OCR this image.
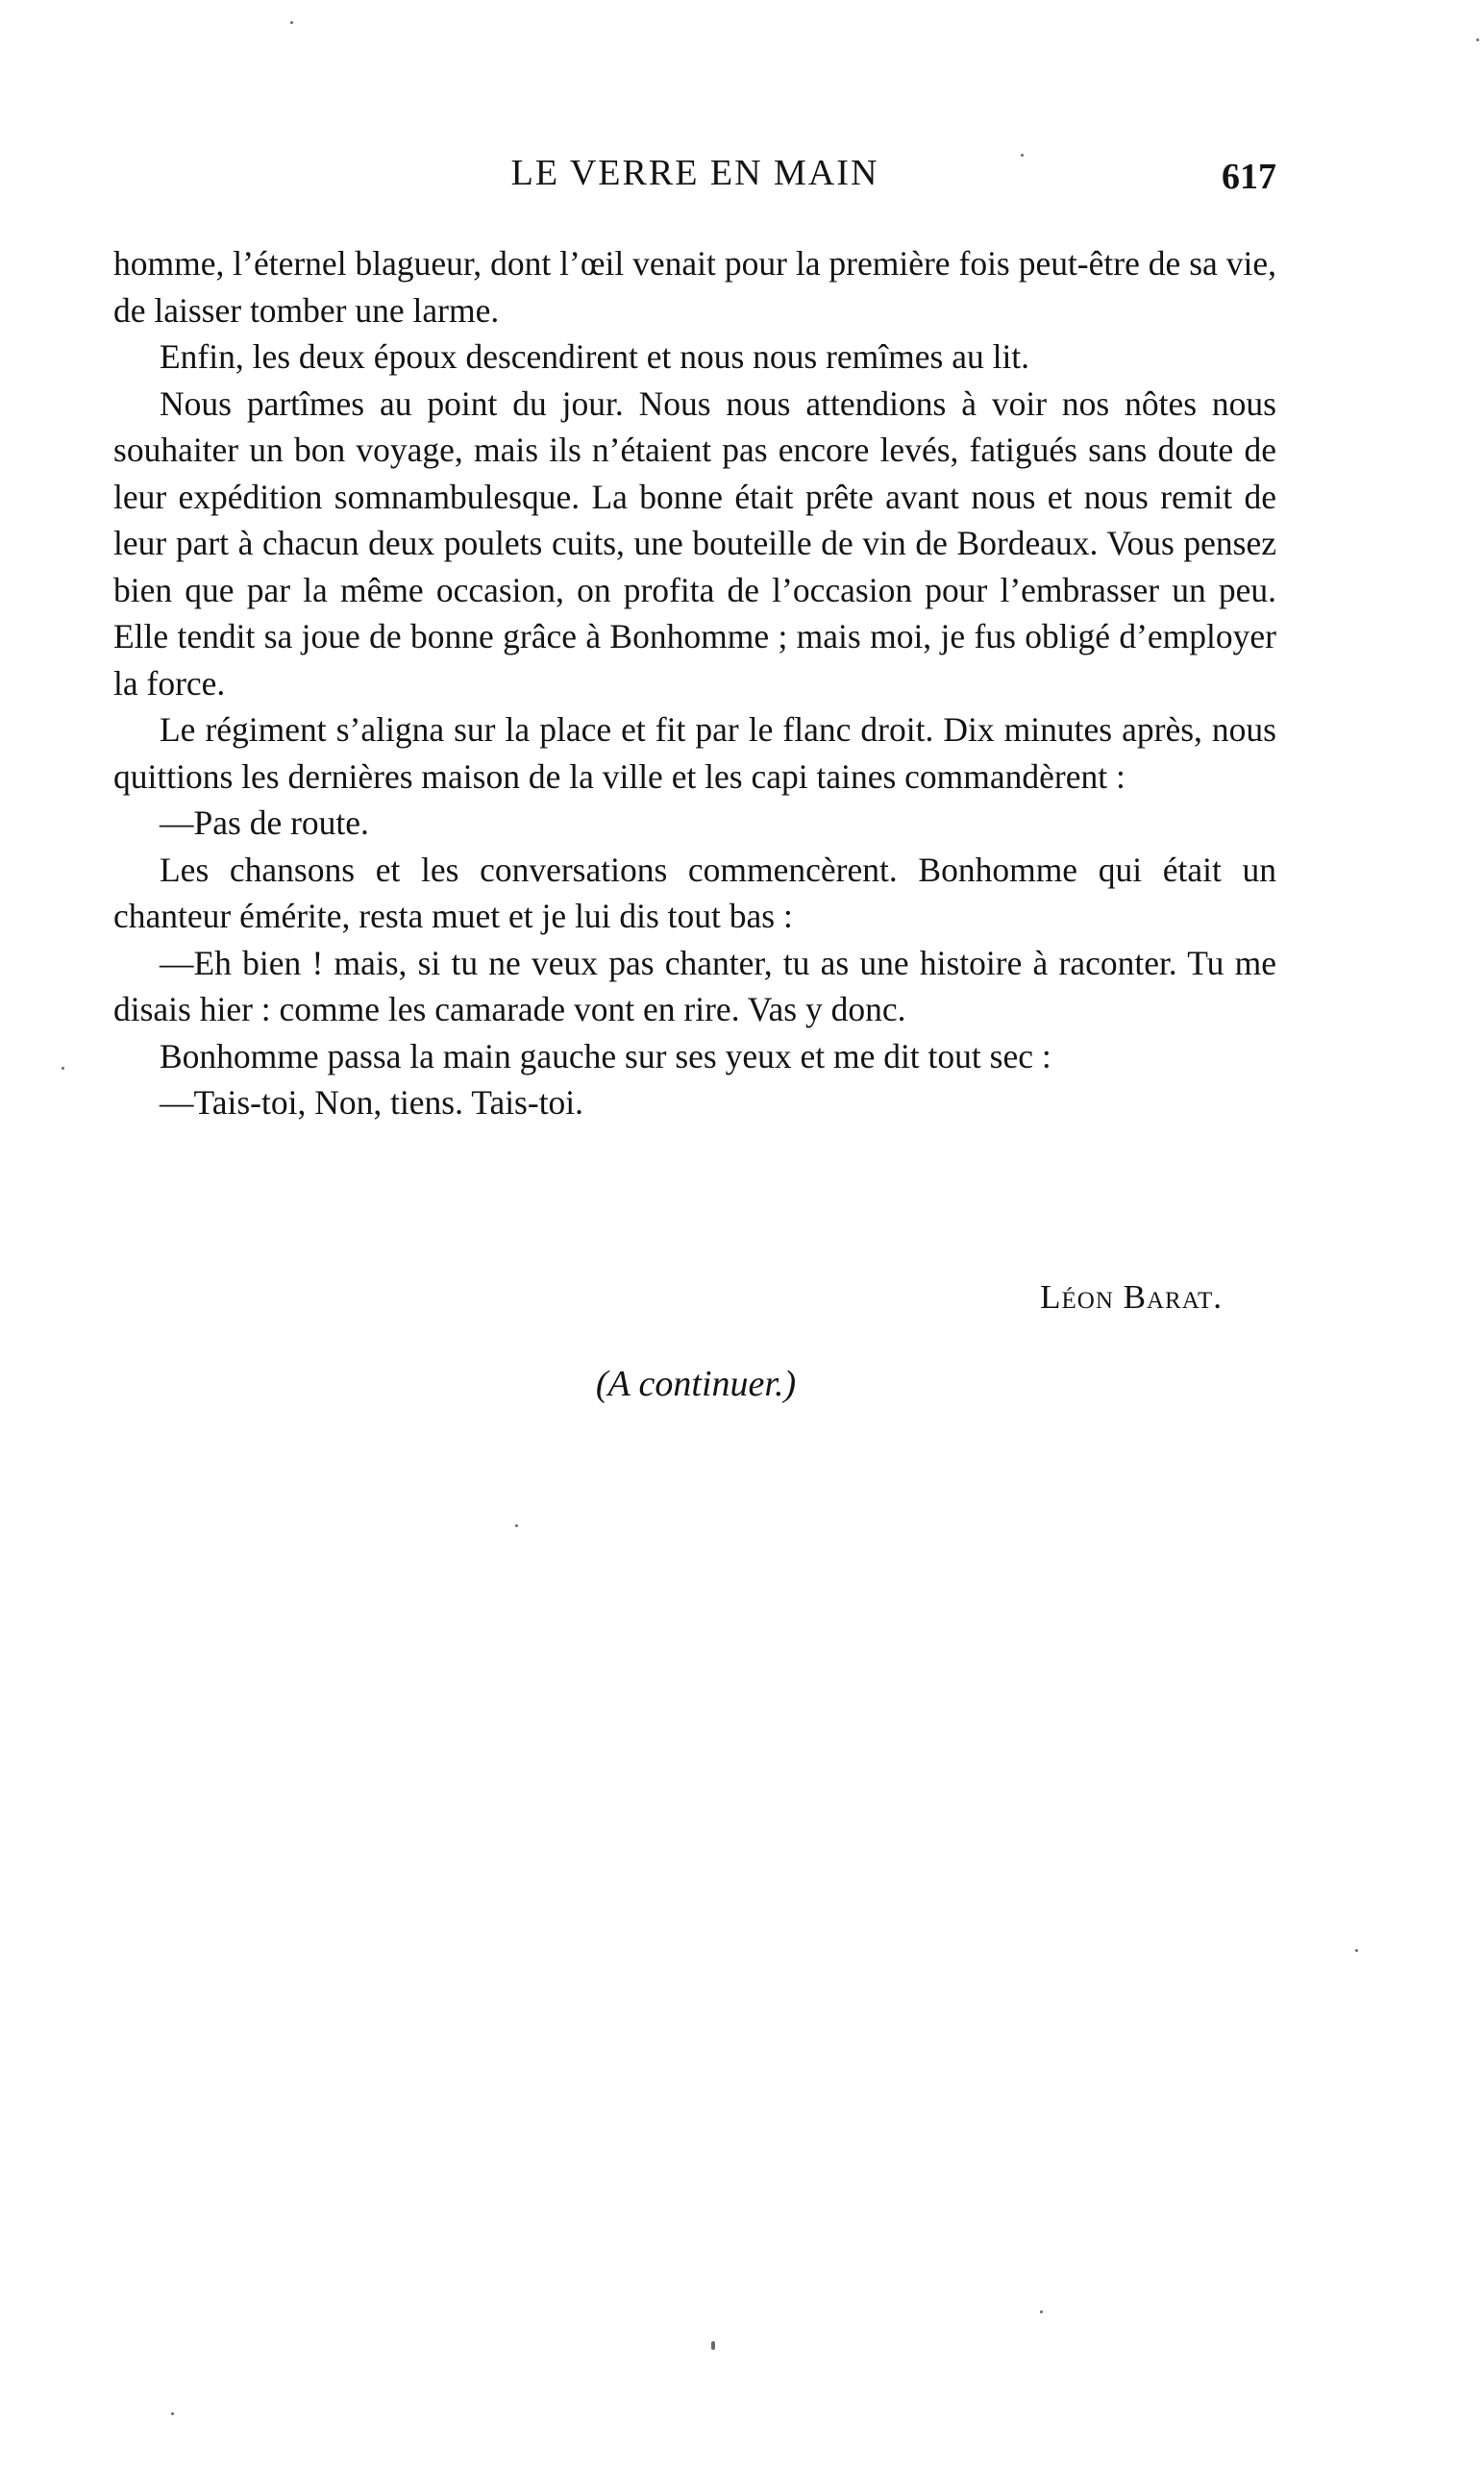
LE VERRE EN MAIN	617

homme, l’éternel blagueur, dont l’œil venait pour la première fois peut-être de sa vie, de laisser tomber une larme.

Enfin, les deux époux descendirent et nous nous remîmes au lit.

Nous partîmes au point du jour. Nous nous attendions à voir nos nôtes nous souhaiter un bon voyage, mais ils n’étaient pas encore levés, fatigués sans doute de leur expédition somnambulesque. La bonne était prête avant nous et nous remit de leur part à chacun deux poulets cuits, une bouteille de vin de Bordeaux. Vous pensez bien que par la même occasion, on profita de l’occasion pour l’embrasser un peu. Elle tendit sa joue de bonne grâce à Bonhomme ; mais moi, je fus obligé d’employer la force.

Le régiment s’aligna sur la place et fit par le flanc droit. Dix minutes après, nous quittions les dernières maison de la ville et les capi taines commandèrent :

—Pas de route.

Les chansons et les conversations commencèrent. Bonhomme qui était un chanteur émérite, resta muet et je lui dis tout bas :

—Eh bien ! mais, si tu ne veux pas chanter, tu as une histoire à raconter. Tu me disais hier : comme les camarade vont en rire. Vas y donc.

Bonhomme passa la main gauche sur ses yeux et me dit tout sec :

—Tais-toi, Non, tiens. Tais-toi.

Léon Barat.
(A continuer.)
